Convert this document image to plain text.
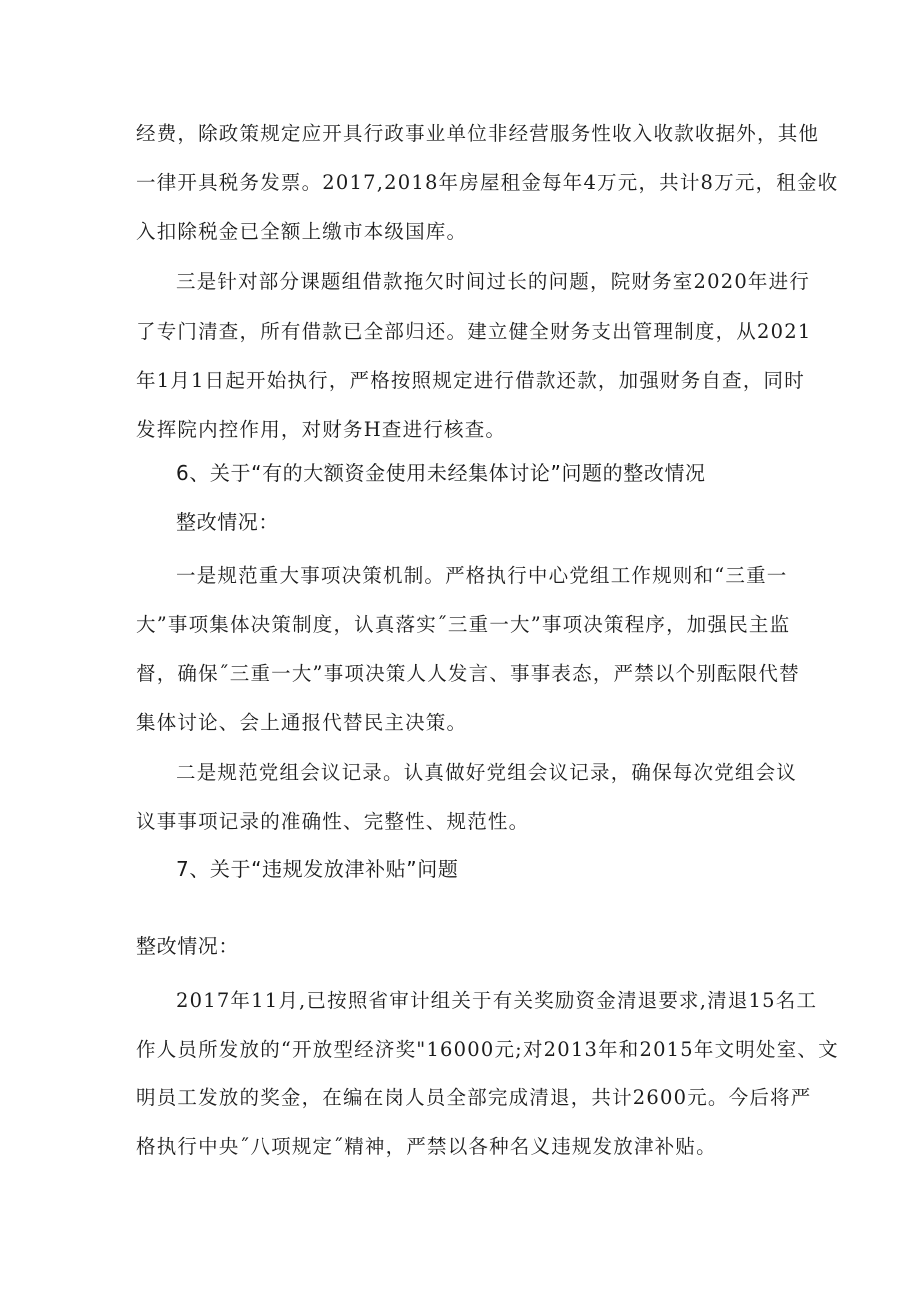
经费，除政策规定应开具行政事业单位非经营服务性收入收款收据外，其他
一律开具税务发票。2017,2018年房屋租金每年4万元，共计8万元，租金收
入扣除税金已全额上缴市本级国库。
三是针对部分课题组借款拖欠时间过长的问题，院财务室2020年进行
了专门清查，所有借款已全部归还。建立健全财务支出管理制度，从2021
年1月1日起开始执行，严格按照规定进行借款还款，加强财务自查，同时
发挥院内控作用，对财务H查进行核查。
6、关于“有的大额资金使用未经集体讨论”问题的整改情况
整改情况：
一是规范重大事项决策机制。严格执行中心党组工作规则和“三重一
大”事项集体决策制度，认真落实˝三重一大”事项决策程序，加强民主监
督，确保˝三重一大”事项决策人人发言、事事表态，严禁以个别酝限代替
集体讨论、会上通报代替民主决策。
二是规范党组会议记录。认真做好党组会议记录，确保每次党组会议
议事事项记录的准确性、完整性、规范性。
7、关于“违规发放津补贴”问题
整改情况：
2017年11月,已按照省审计组关于有关奖励资金清退要求,清退15名工
作人员所发放的“开放型经济奖"16000元;对2013年和2015年文明处室、文
明员工发放的奖金，在编在岗人员全部完成清退，共计2600元。今后将严
格执行中央˝八项规定˝精神，严禁以各种名义违规发放津补贴。
